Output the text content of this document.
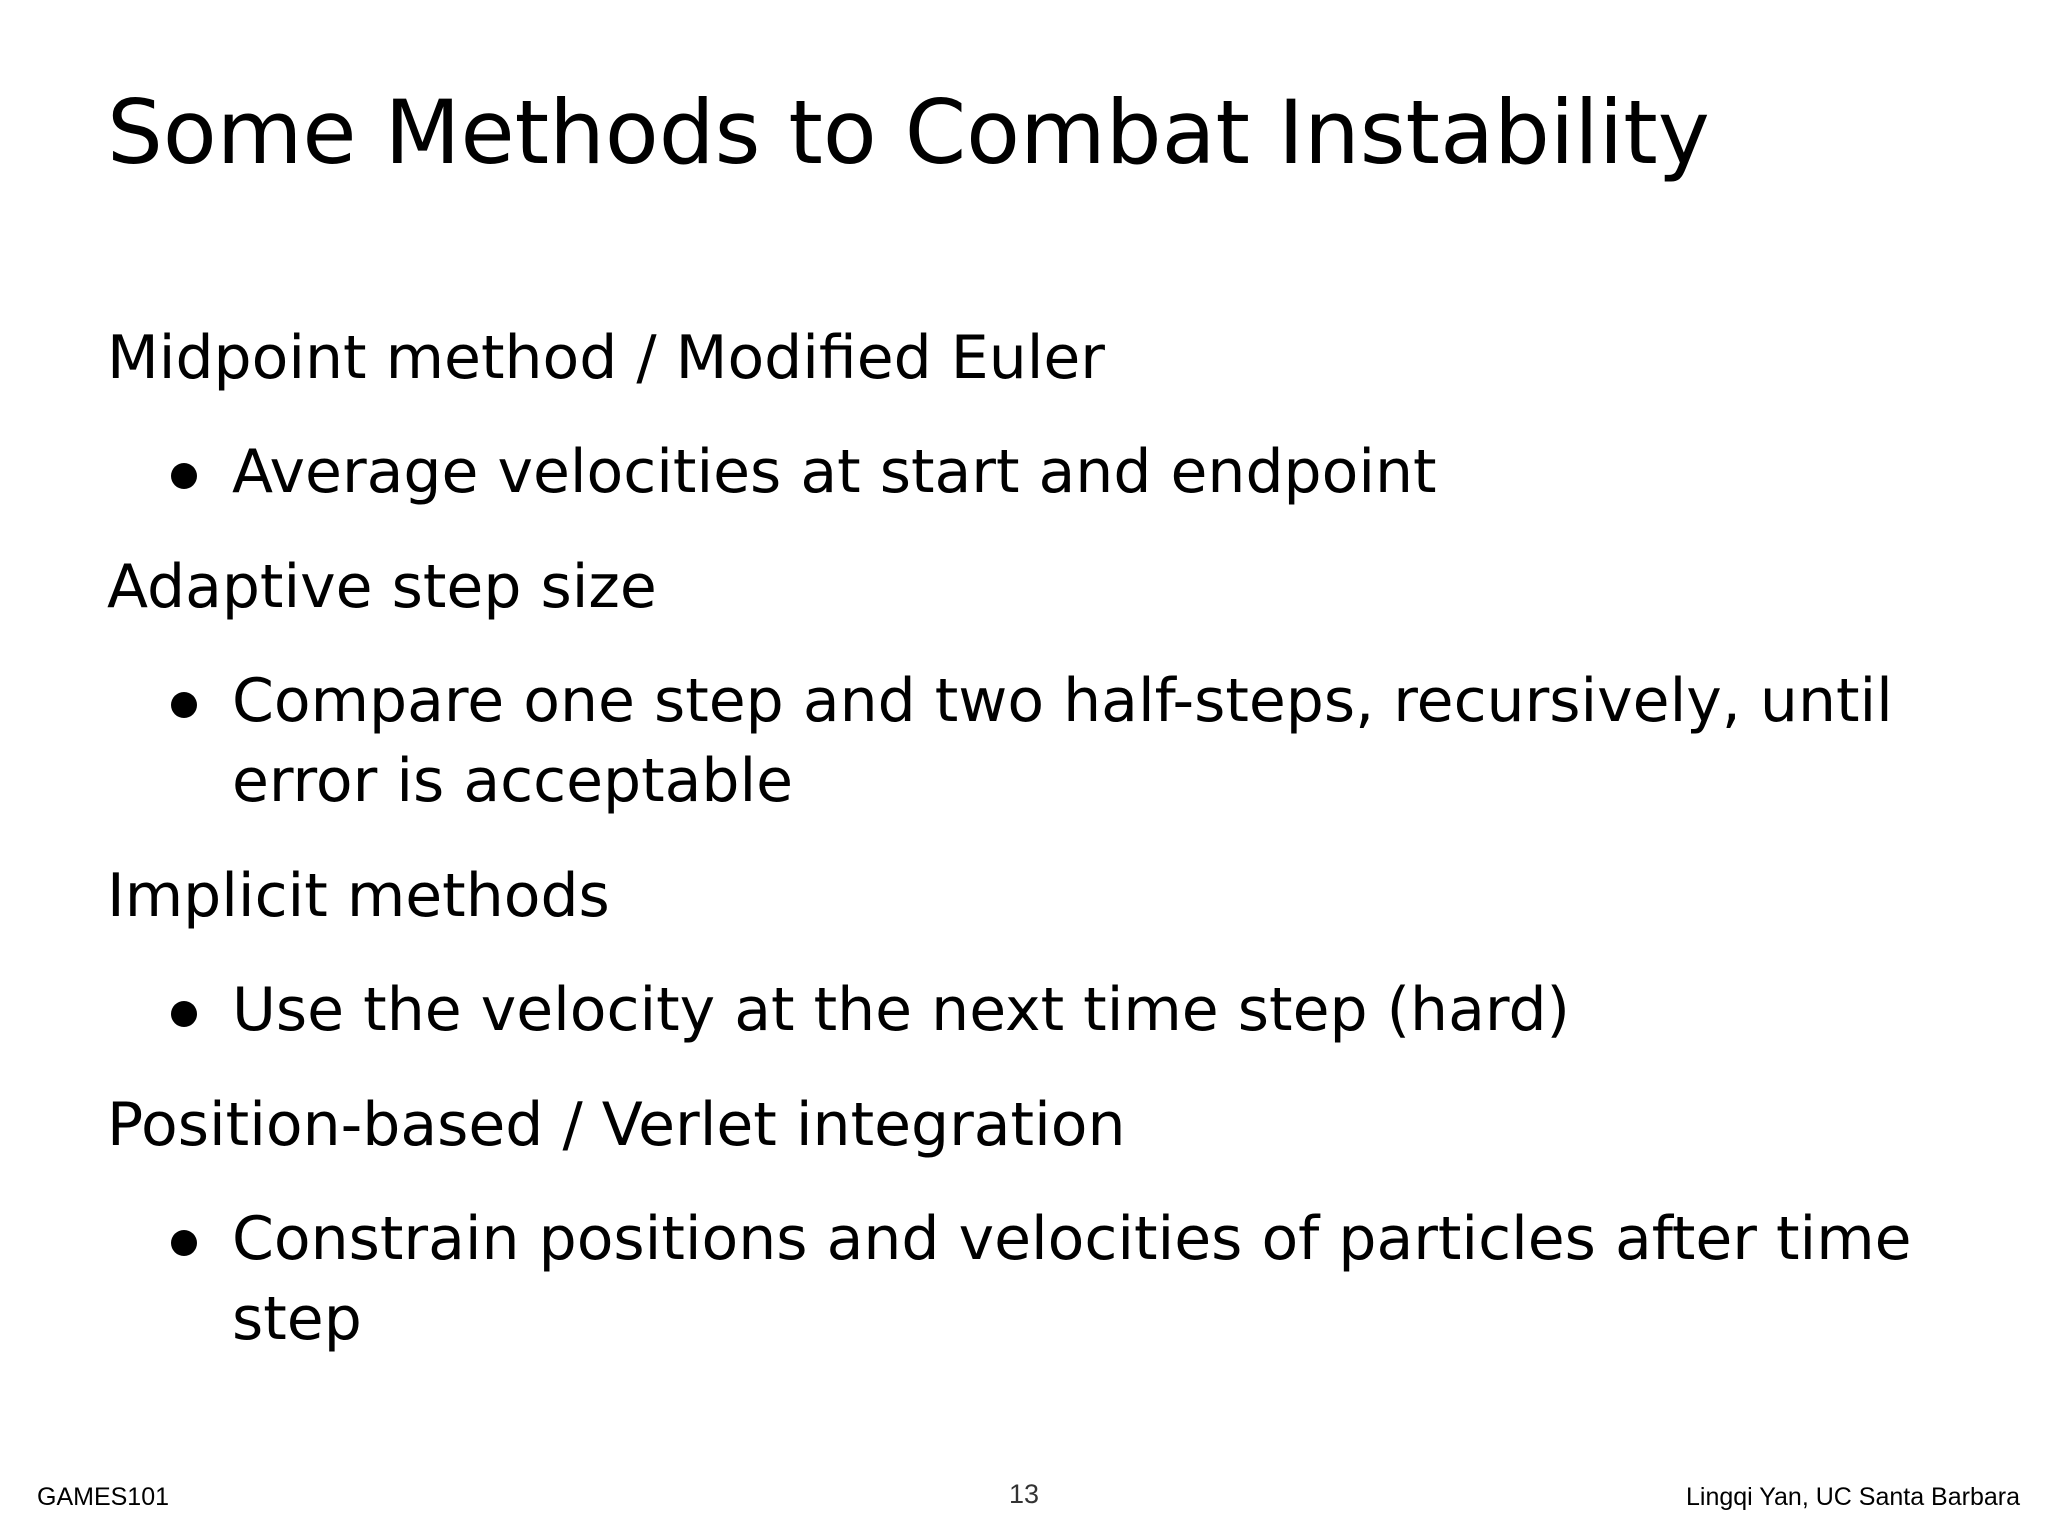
Some Methods to Combat Instability
Midpoint method / Modified Euler
Average velocities at start and endpoint
Adaptive step size
Compare one step and two half-steps, recursively, until error is acceptable
Implicit methods
Use the velocity at the next time step (hard)
Position-based / Verlet integration
Constrain positions and velocities of particles after time step
GAMES101	13	Lingqi Yan, UC Santa Barbara
